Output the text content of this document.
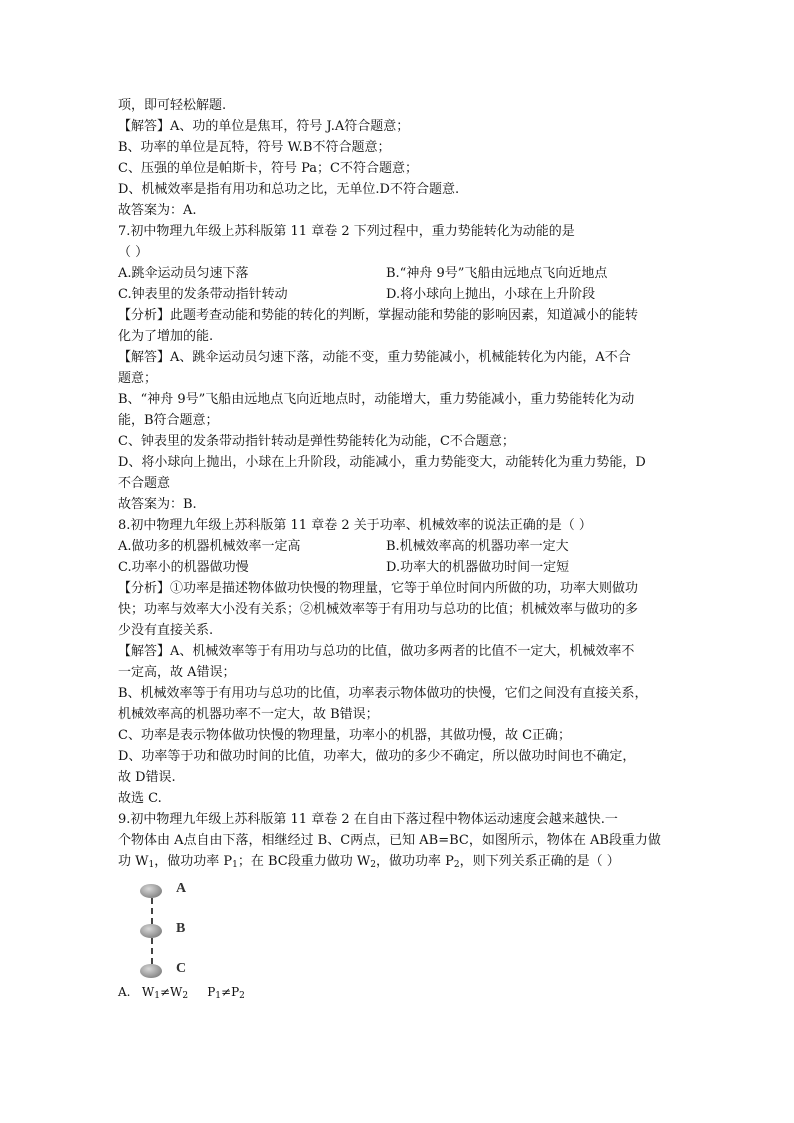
项，即可轻松解题.
【解答】A、功的单位是焦耳，符号 J.A符合题意；
B、功率的单位是瓦特，符号 W.B不符合题意；
C、压强的单位是帕斯卡，符号 Pa；C不符合题意；
D、机械效率是指有用功和总功之比，无单位.D不符合题意.
故答案为：A.
7.初中物理九年级上苏科版第 11 章卷 2 下列过程中，重力势能转化为动能的是
（ ）
A.跳伞运动员匀速下落	B.“神舟 9号”飞船由远地点飞向近地点
C.钟表里的发条带动指针转动	D.将小球向上抛出，小球在上升阶段
【分析】此题考查动能和势能的转化的判断，掌握动能和势能的影响因素，知道减小的能转
化为了增加的能.
【解答】A、跳伞运动员匀速下落，动能不变，重力势能减小，机械能转化为内能，A不合
题意；
B、“神舟 9号”飞船由远地点飞向近地点时，动能增大，重力势能减小，重力势能转化为动
能，B符合题意；
C、钟表里的发条带动指针转动是弹性势能转化为动能，C不合题意；
D、将小球向上抛出，小球在上升阶段，动能减小，重力势能变大，动能转化为重力势能，D
不合题意
故答案为：B.
8.初中物理九年级上苏科版第 11 章卷 2 关于功率、机械效率的说法正确的是（ ）
A.做功多的机器机械效率一定高	B.机械效率高的机器功率一定大
C.功率小的机器做功慢	D.功率大的机器做功时间一定短
【分析】①功率是描述物体做功快慢的物理量，它等于单位时间内所做的功，功率大则做功
快；功率与效率大小没有关系；②机械效率等于有用功与总功的比值；机械效率与做功的多
少没有直接关系.
【解答】A、机械效率等于有用功与总功的比值，做功多两者的比值不一定大，机械效率不
一定高，故 A错误；
B、机械效率等于有用功与总功的比值，功率表示物体做功的快慢，它们之间没有直接关系，
机械效率高的机器功率不一定大，故 B错误；
C、功率是表示物体做功快慢的物理量，功率小的机器，其做功慢，故 C正确；
D、功率等于功和做功时间的比值，功率大，做功的多少不确定，所以做功时间也不确定，
故 D错误.
故选 C.
9.初中物理九年级上苏科版第 11 章卷 2 在自由下落过程中物体运动速度会越来越快.一
个物体由 A点自由下落，相继经过 B、C两点，已知 AB=BC，如图所示，物体在 AB段重力做
功 $W_1$，做功功率 $P_1$；在 BC段重力做功 $W_2$，做功功率 $P_2$，则下列关系正确的是（ ）
A
B
C
A.   $W_1\ne W_2$     $P_1\ne P_2$
